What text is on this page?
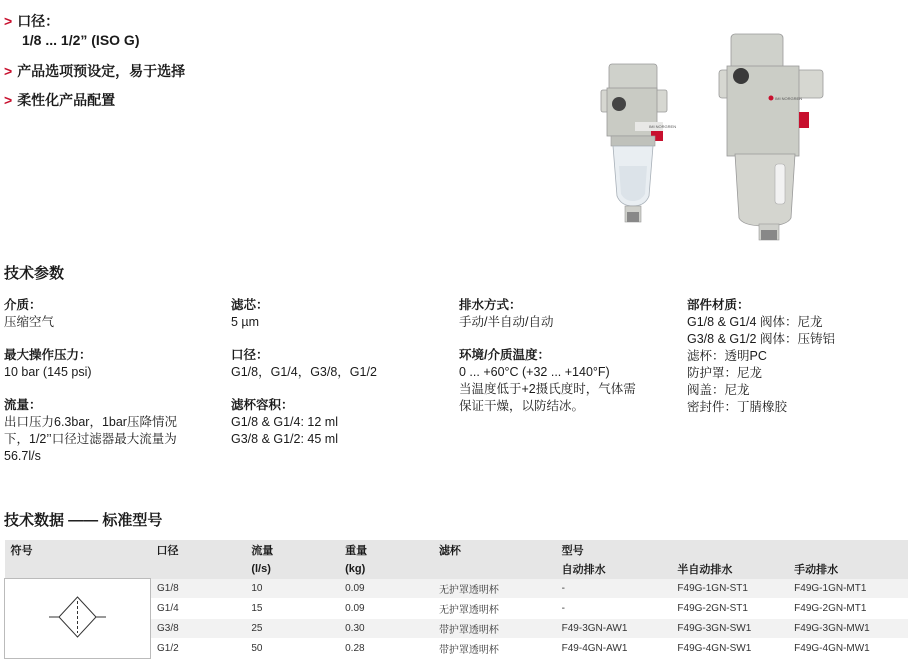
> 口径：
1/8 ... 1/2” (ISO G)
> 产品选项预设定，易于选择
> 柔性化产品配置
IMI NORGREN
IMI NORGREN
技术参数
介质：
压缩空气
最大操作压力：
10 bar (145 psi)
流量：
出口压力6.3bar，1bar压降情况
下，1/2’’口径过滤器最大流量为
56.7l/s
滤芯：
5 µm
口径：
G1/8，G1/4，G3/8，G1/2
滤杯容积：
G1/8 & G1/4: 12 ml
G3/8 & G1/2: 45 ml
排水方式：
手动/半自动/自动
环境/介质温度：
0 ... +60°C (+32 ... +140°F)
当温度低于+2摄氏度时，气体需
保证干燥，以防结冰。
部件材质：
G1/8 & G1/4 阀体：尼龙
G3/8 & G1/2 阀体：压铸铝
滤杯：透明PC
防护罩：尼龙
阀盖：尼龙
密封件：丁腈橡胶
技术数据 —— 标准型号
符号	口径	流量	重量	滤杯	型号		
		(l/s)	(kg)		自动排水	半自动排水	手动排水
	G1/8	10	0.09	无护罩透明杯	-	F49G-1GN-ST1	F49G-1GN-MT1
	G1/4	15	0.09	无护罩透明杯	-	F49G-2GN-ST1	F49G-2GN-MT1
	G3/8	25	0.30	带护罩透明杯	F49-3GN-AW1	F49G-3GN-SW1	F49G-3GN-MW1
	G1/2	50	0.28	带护罩透明杯	F49-4GN-AW1	F49G-4GN-SW1	F49G-4GN-MW1
